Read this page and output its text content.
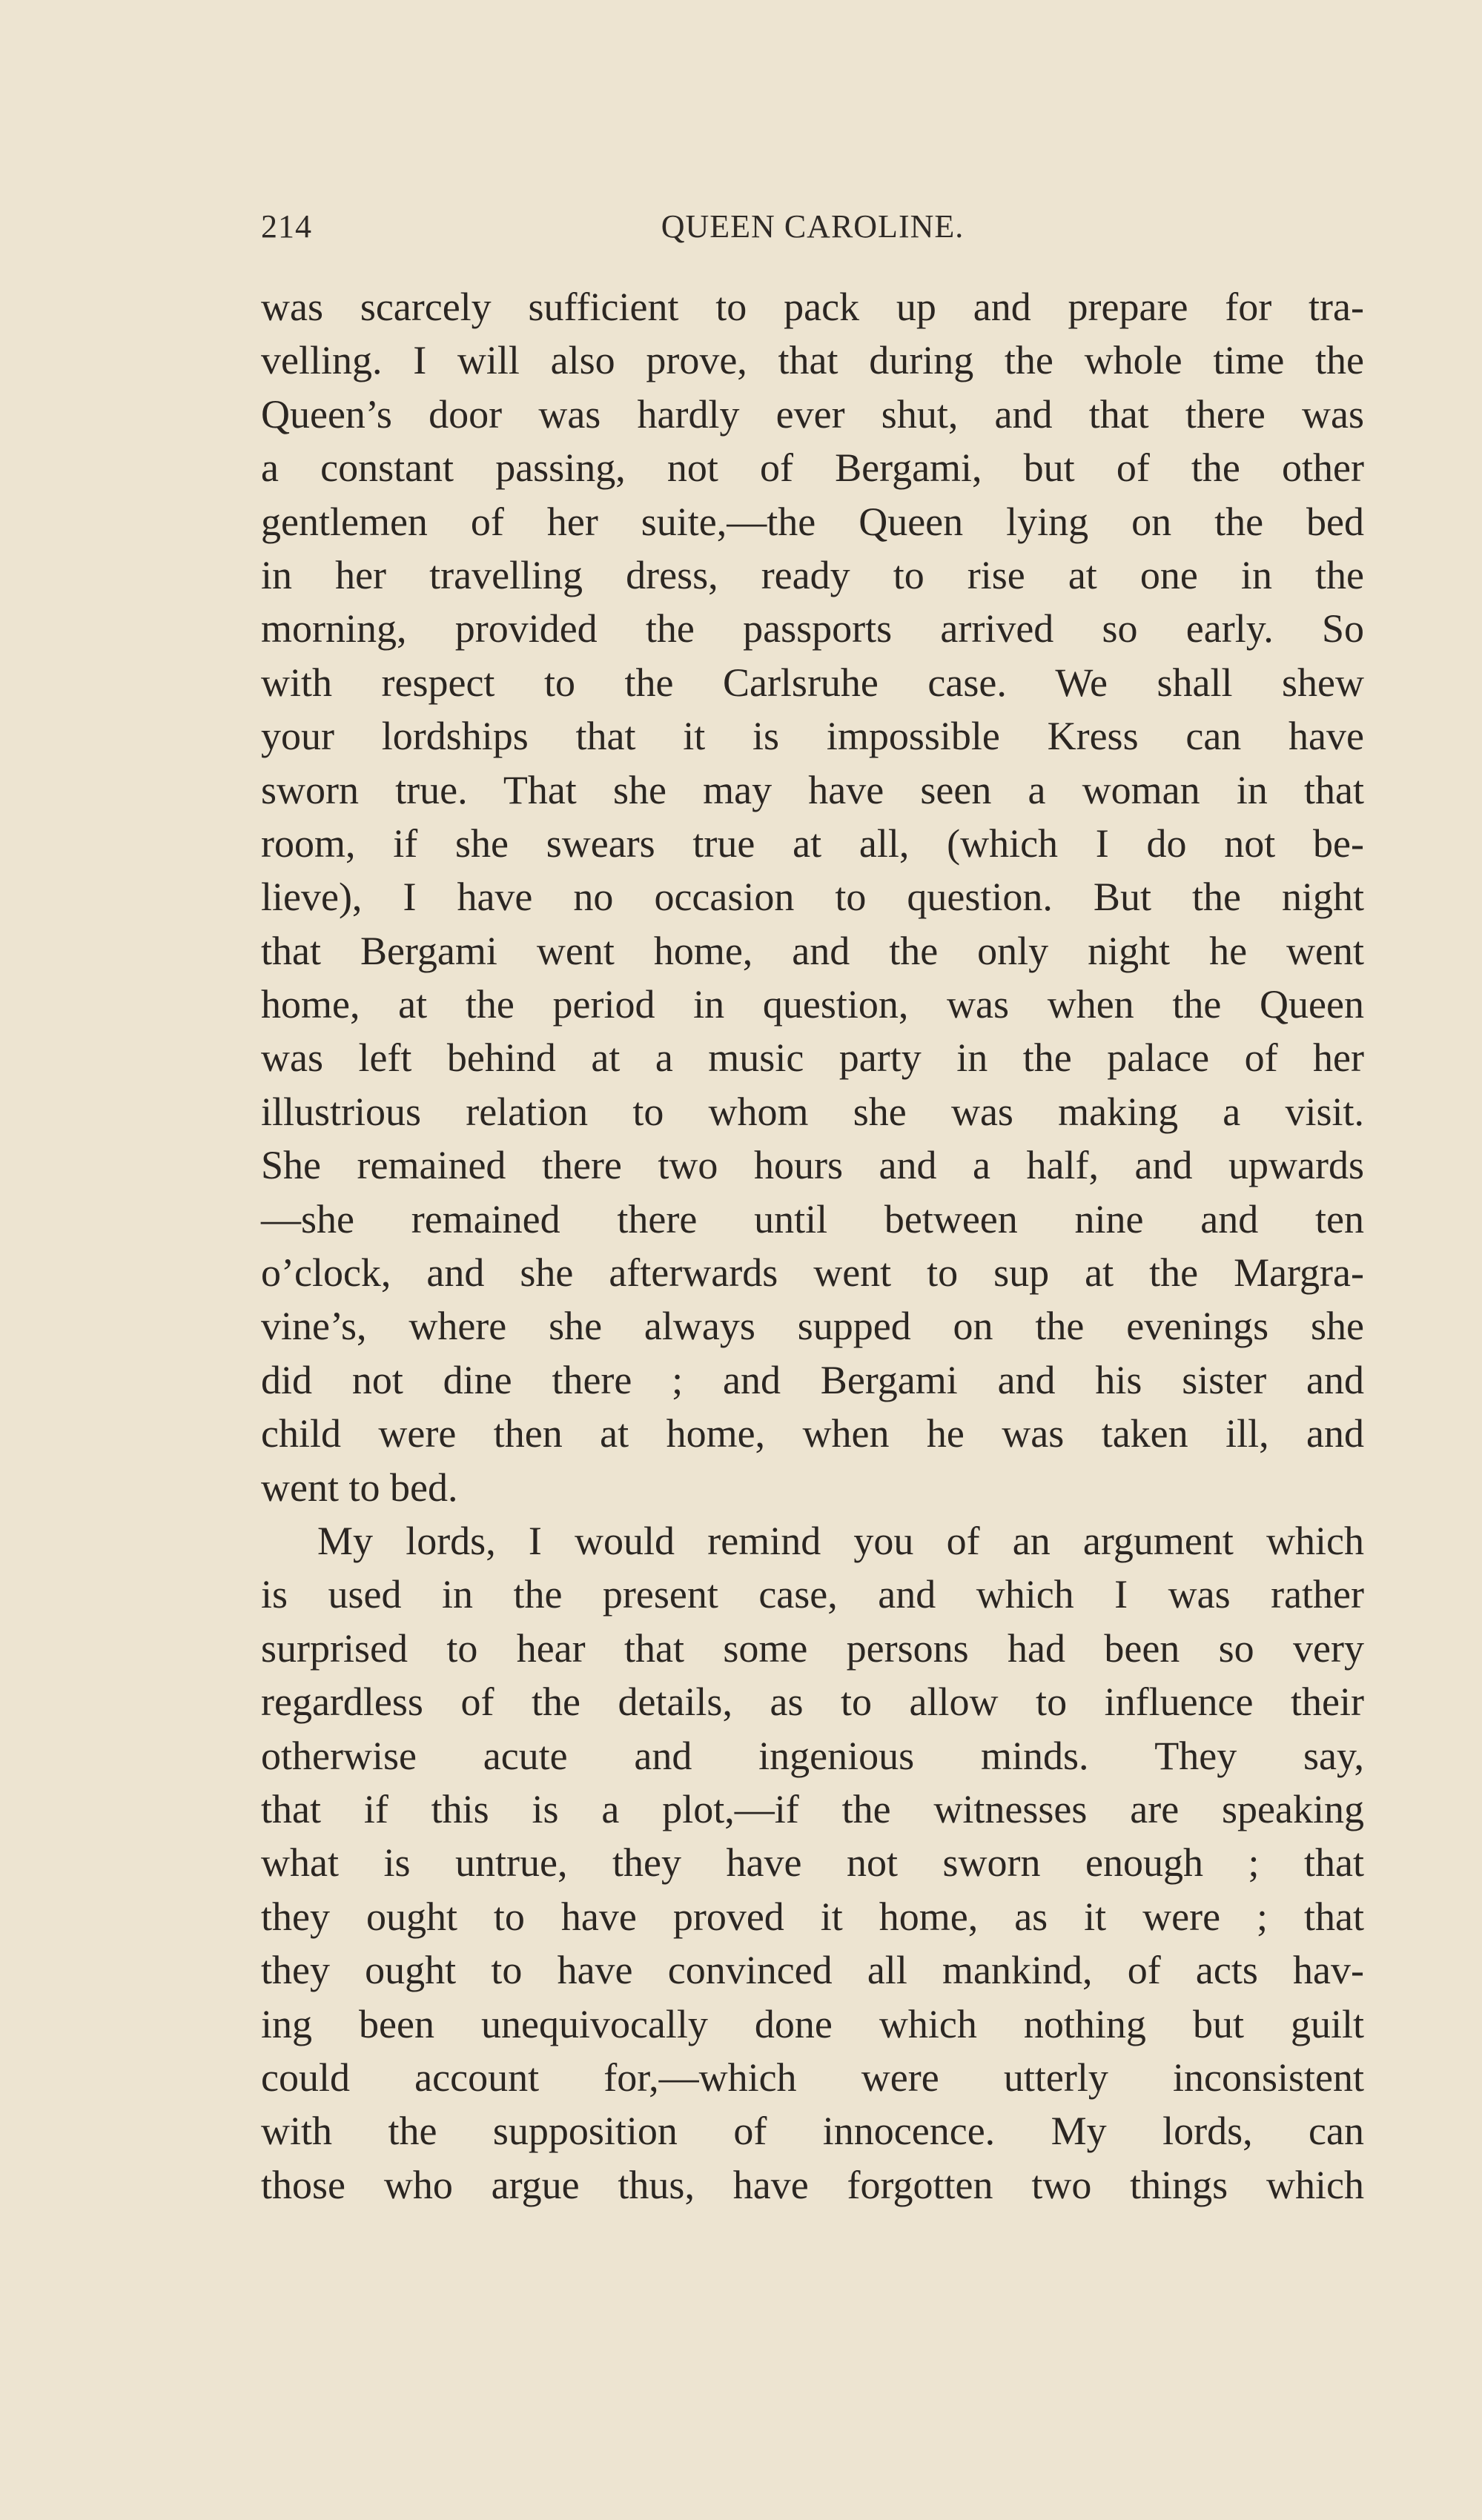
214	QUEEN CAROLINE.
was scarcely sufficient to pack up and prepare for tra-
velling. I will also prove, that during the whole time the
Queen’s door was hardly ever shut, and that there was
a constant passing, not of Bergami, but of the other
gentlemen of her suite,—the Queen lying on the bed
in her travelling dress, ready to rise at one in the
morning, provided the passports arrived so early. So
with respect to the Carlsruhe case. We shall shew
your lordships that it is impossible Kress can have
sworn true. That she may have seen a woman in that
room, if she swears true at all, (which I do not be-
lieve), I have no occasion to question. But the night
that Bergami went home, and the only night he went
home, at the period in question, was when the Queen
was left behind at a music party in the palace of her
illustrious relation to whom she was making a visit.
She remained there two hours and a half, and upwards
—she remained there until between nine and ten
o’clock, and she afterwards went to sup at the Margra-
vine’s, where she always supped on the evenings she
did not dine there ; and Bergami and his sister and
child were then at home, when he was taken ill, and
went to bed.
My lords, I would remind you of an argument which
is used in the present case, and which I was rather
surprised to hear that some persons had been so very
regardless of the details, as to allow to influence their
otherwise acute and ingenious minds. They say,
that if this is a plot,—if the witnesses are speaking
what is untrue, they have not sworn enough ; that
they ought to have proved it home, as it were ; that
they ought to have convinced all mankind, of acts hav-
ing been unequivocally done which nothing but guilt
could account for,—which were utterly inconsistent
with the supposition of innocence. My lords, can
those who argue thus, have forgotten two things which
